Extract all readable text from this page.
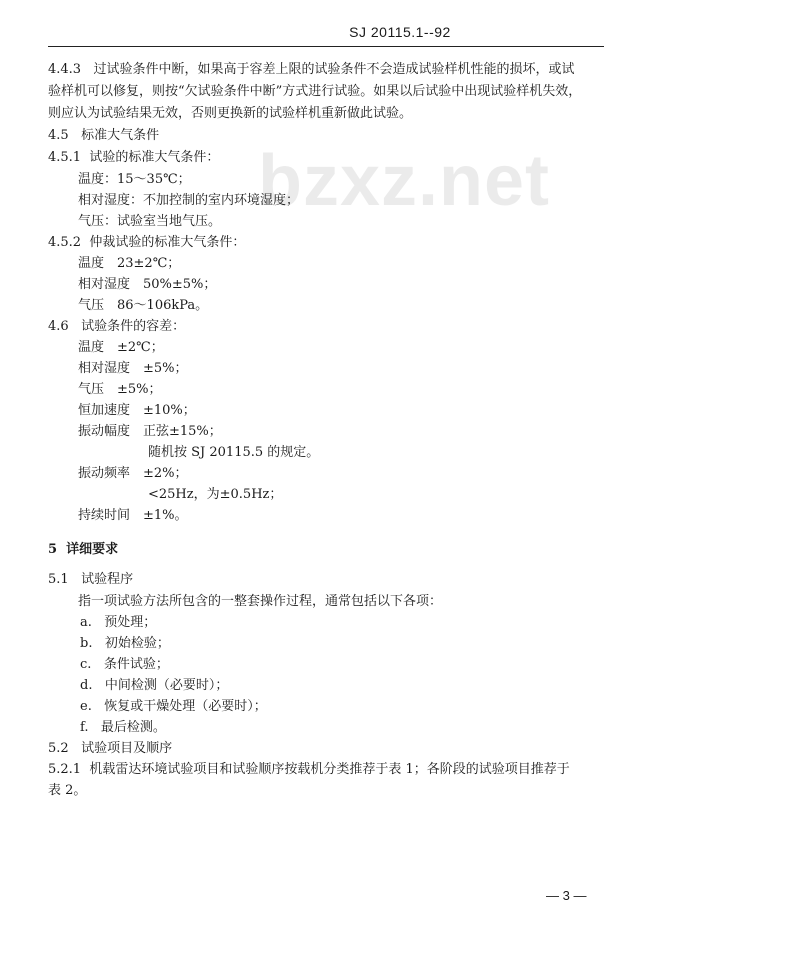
SJ 20115.1--92
bzxz.net
4.4.3 过试验条件中断，如果高于容差上限的试验条件不会造成试验样机性能的损坏，或试
验样机可以修复，则按“欠试验条件中断”方式进行试验。如果以后试验中出现试验样机失效，
则应认为试验结果无效，否则更换新的试验样机重新做此试验。
4.5 标准大气条件
4.5.1 试验的标准大气条件：
温度：15～35℃；
相对湿度：不加控制的室内环境湿度；
气压：试验室当地气压。
4.5.2 仲裁试验的标准大气条件：
温度　23±2℃；
相对湿度　50%±5%；
气压　86～106kPa。
4.6 试验条件的容差：
温度　±2℃；
相对湿度　±5%；
气压　±5%；
恒加速度　±10%；
振动幅度　正弦±15%；
随机按 SJ 20115.5 的规定。
振动频率　±2%；
<25Hz，为±0.5Hz；
持续时间　±1%。
5 详细要求
5.1 试验程序
指一项试验方法所包含的一整套操作过程，通常包括以下各项：
a. 预处理；
b. 初始检验；
c. 条件试验；
d. 中间检测（必要时）；
e. 恢复或干燥处理（必要时）；
f. 最后检测。
5.2 试验项目及顺序
5.2.1 机载雷达环境试验项目和试验顺序按载机分类推荐于表 1；各阶段的试验项目推荐于
表 2。
— 3 —
